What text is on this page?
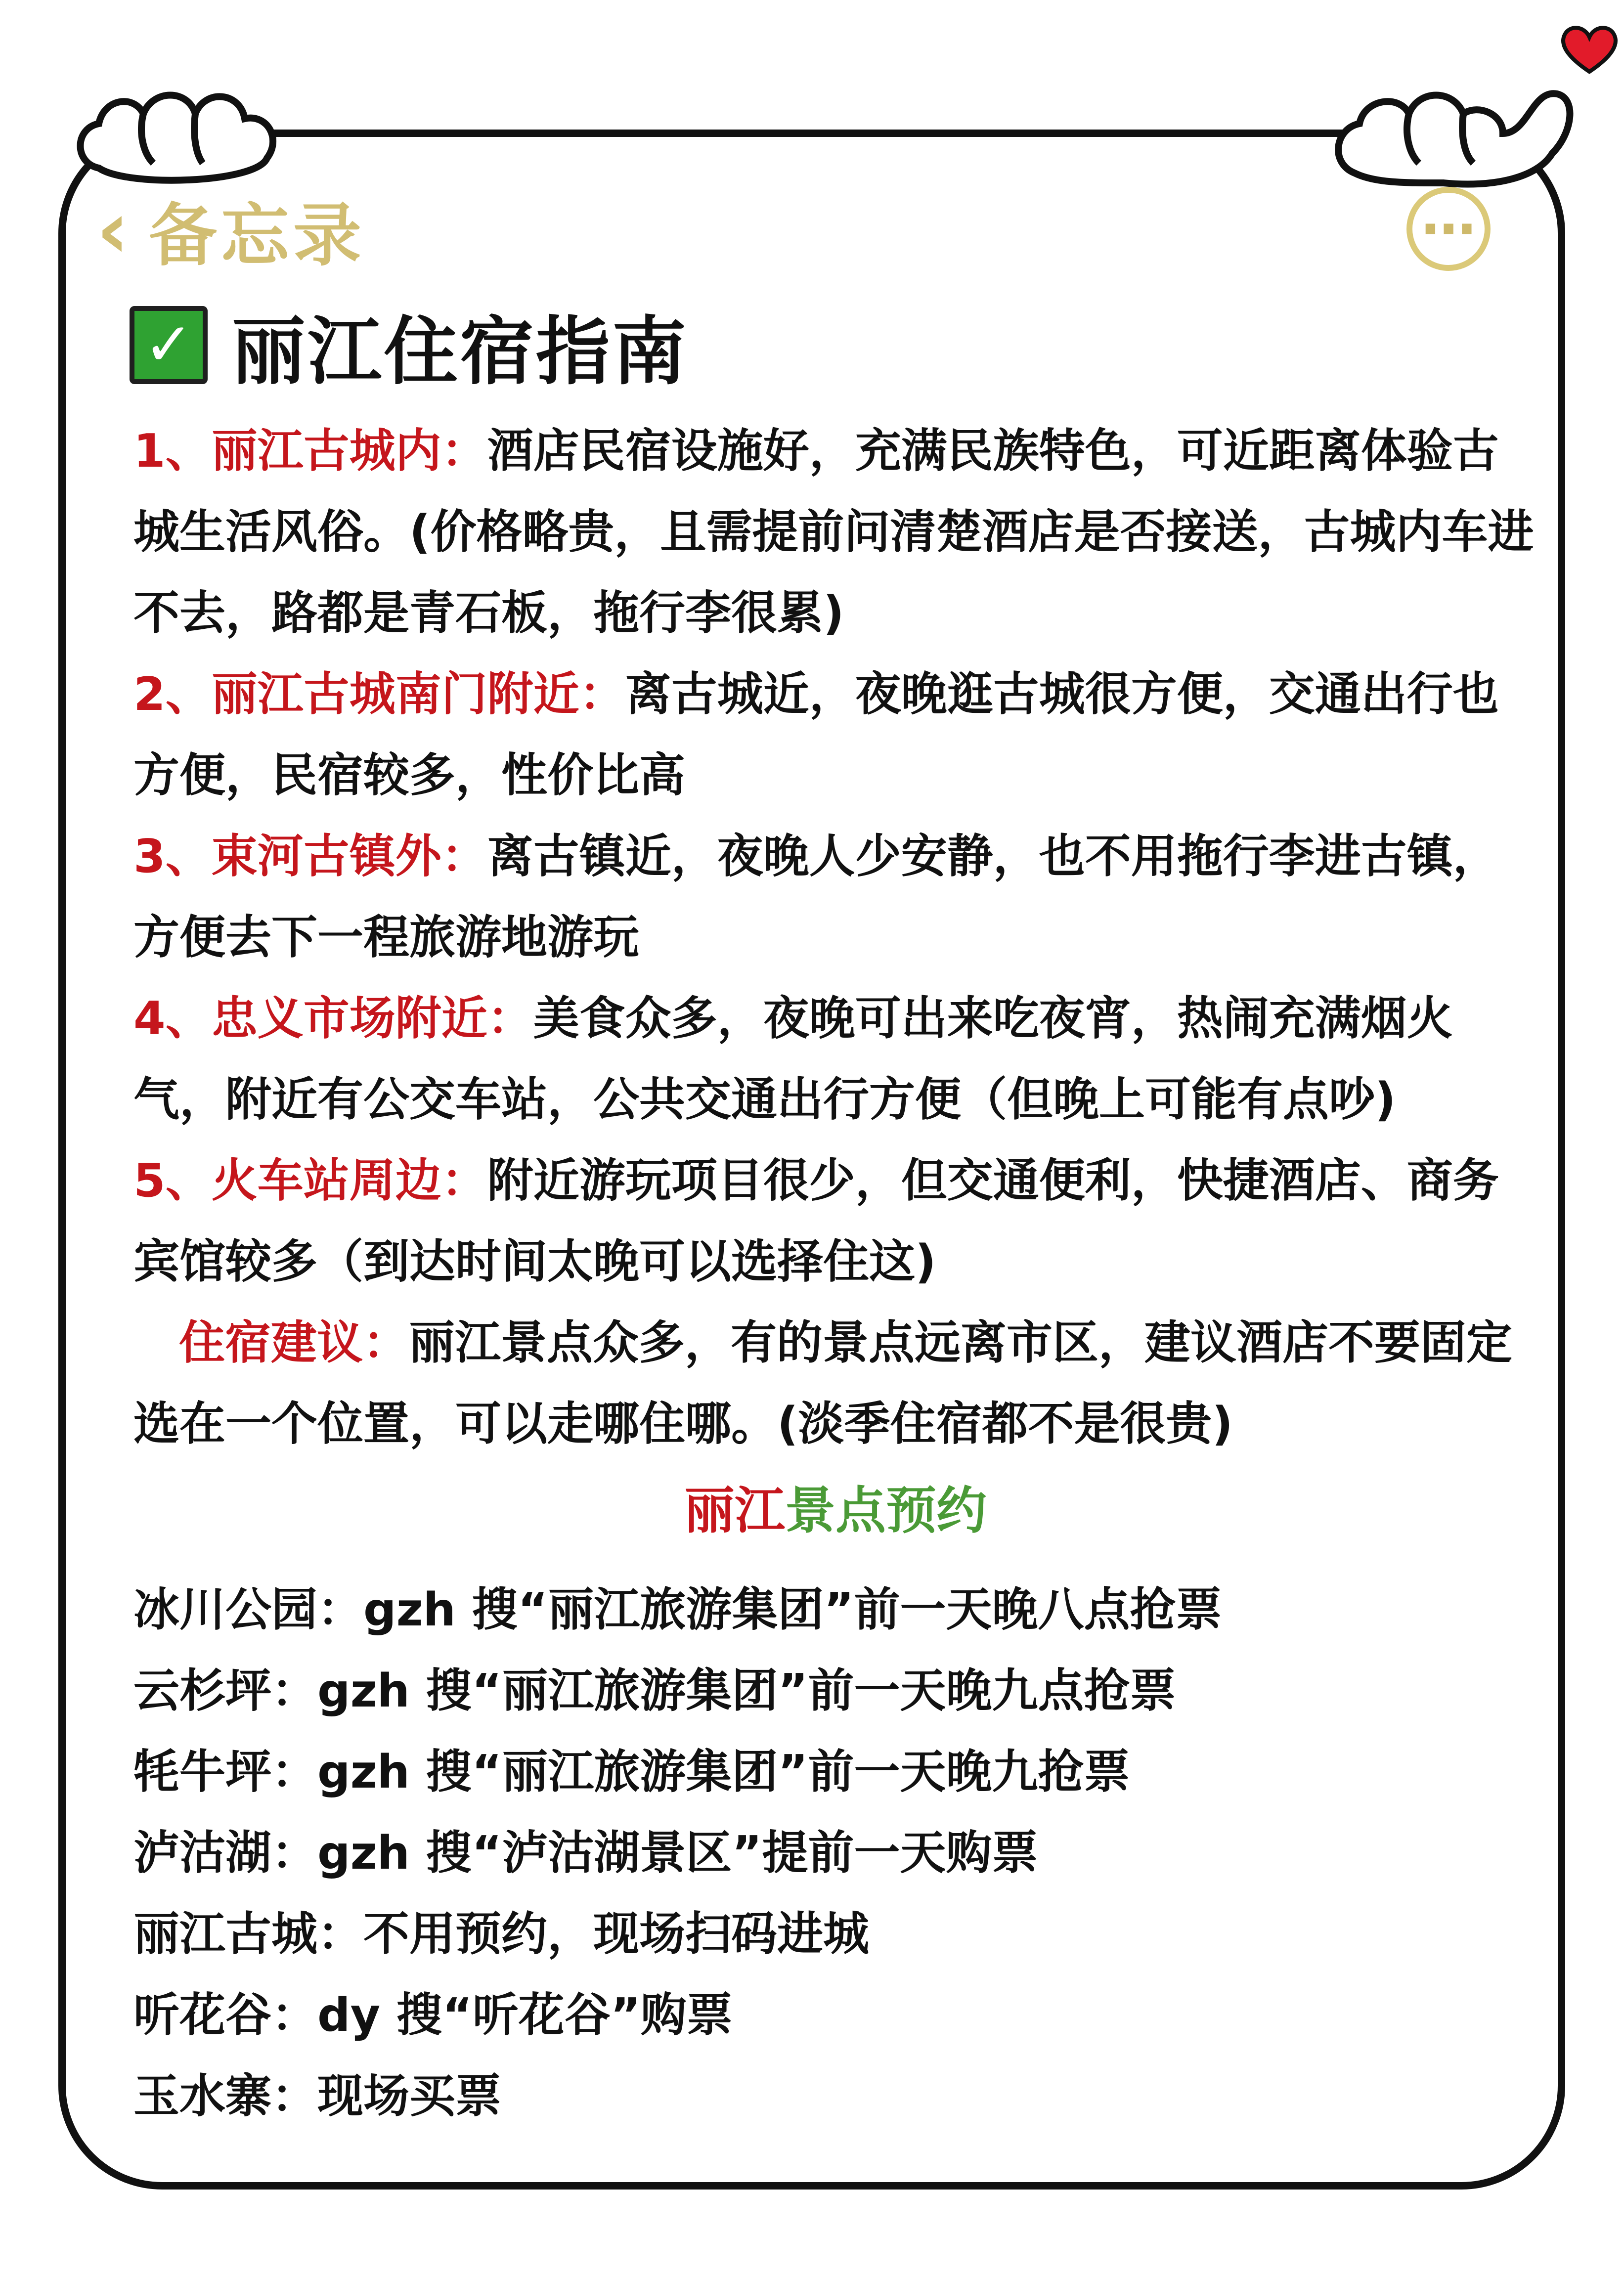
‹ 备忘录	⋯
✓ 丽江住宿指南

1、丽江古城内：酒店民宿设施好，充满民族特色，可近距离体验古城生活风俗。(价格略贵，且需提前问清楚酒店是否接送，古城内车进不去，路都是青石板，拖行李很累)

2、丽江古城南门附近：离古城近，夜晚逛古城很方便，交通出行也方便，民宿较多，性价比高

3、束河古镇外：离古镇近，夜晚人少安静，也不用拖行李进古镇，方便去下一程旅游地游玩

4、忠义市场附近：美食众多，夜晚可出来吃夜宵，热闹充满烟火气，附近有公交车站，公共交通出行方便（但晚上可能有点吵)

5、火车站周边：附近游玩项目很少，但交通便利，快捷酒店、商务宾馆较多（到达时间太晚可以选择住这)

住宿建议：丽江景点众多，有的景点远离市区，建议酒店不要固定选在一个位置，可以走哪住哪。(淡季住宿都不是很贵)

丽江景点预约

冰川公园：gzh 搜“丽江旅游集团”前一天晚八点抢票

云杉坪：gzh 搜“丽江旅游集团”前一天晚九点抢票

牦牛坪：gzh 搜“丽江旅游集团”前一天晚九抢票

泸沽湖：gzh 搜“泸沽湖景区”提前一天购票

丽江古城：不用预约，现场扫码进城

听花谷：dy 搜“听花谷”购票

玉水寨：现场买票
